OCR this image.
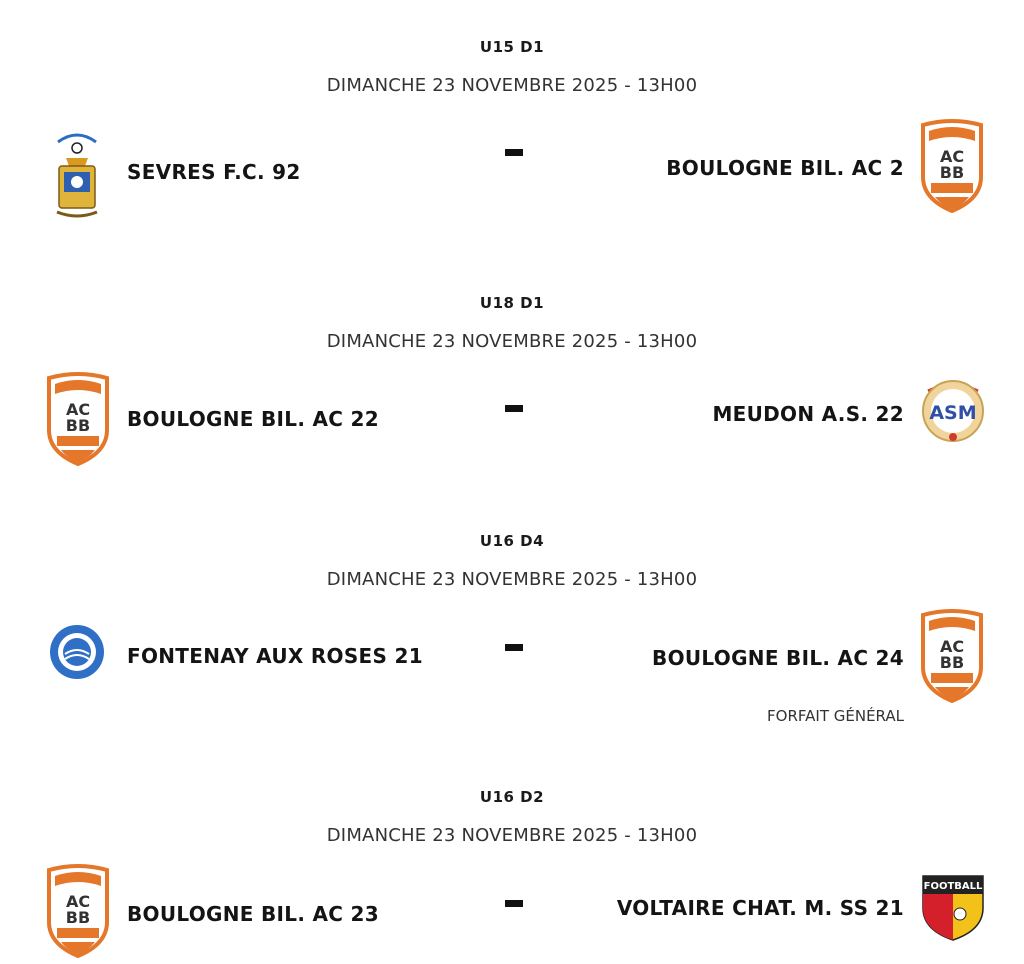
U15 D1
DIMANCHE 23 NOVEMBRE 2025 - 13H00
SEVRES F.C. 92	BOULOGNE BIL. AC 2 AC
BB
U18 D1
DIMANCHE 23 NOVEMBRE 2025 - 13H00
AC
BB BOULOGNE BIL. AC 22	MEUDON A.S. 22 ASM
U16 D4
DIMANCHE 23 NOVEMBRE 2025 - 13H00
FONTENAY AUX ROSES 21	BOULOGNE BIL. AC 24 AC
BB
FORFAIT GÉNÉRAL
U16 D2
DIMANCHE 23 NOVEMBRE 2025 - 13H00
AC
BB BOULOGNE BIL. AC 23	VOLTAIRE CHAT. M. SS 21
FOOTBALL
